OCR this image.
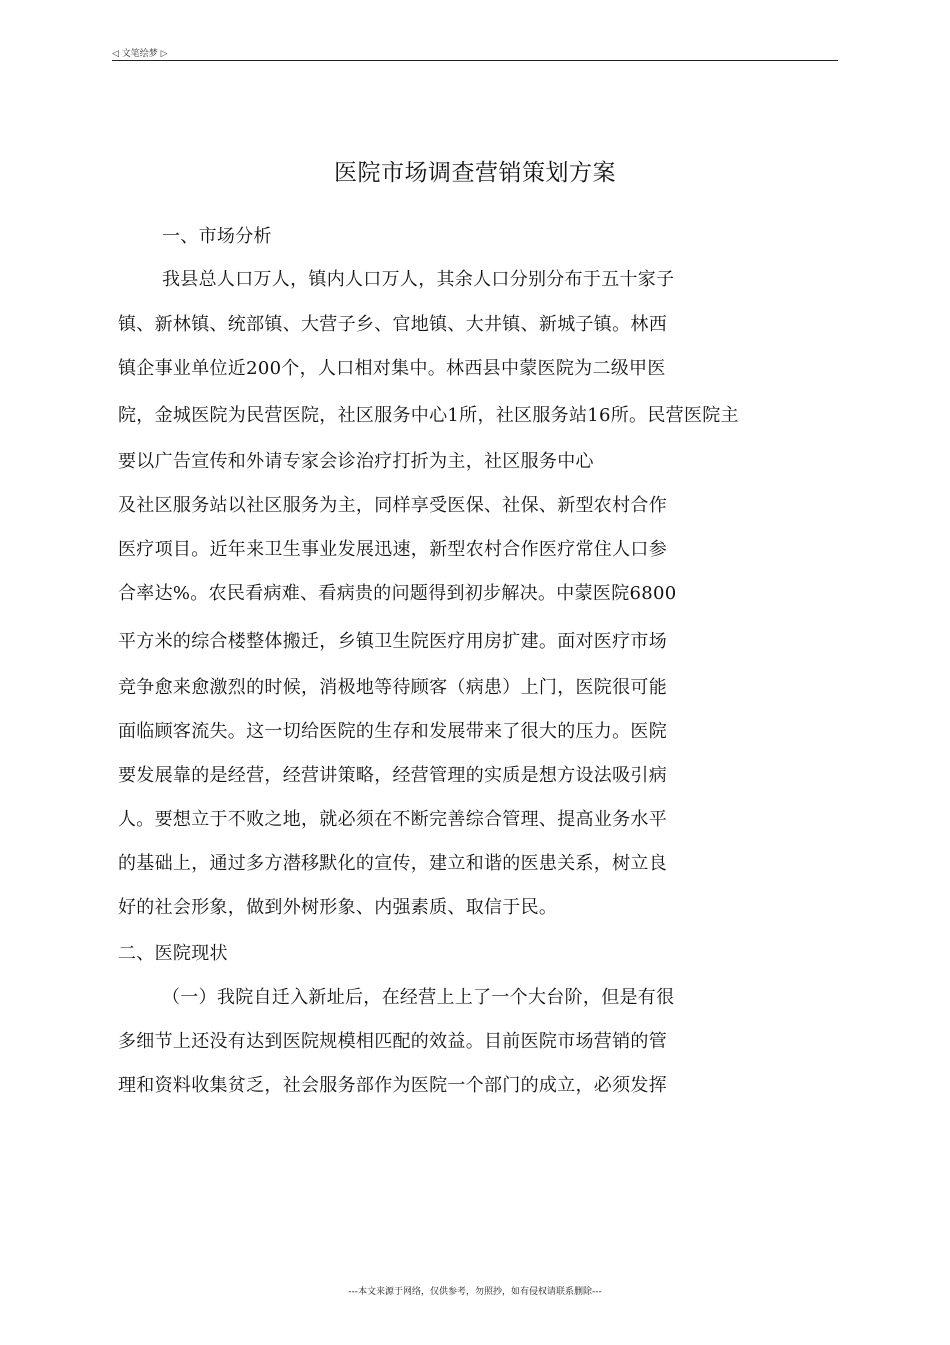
◁ 文笔绘梦 ▷
医院市场调查营销策划方案
一、市场分析
我县总人口万人，镇内人口万人，其余人口分别分布于五十家子
镇、新林镇、统部镇、大营子乡、官地镇、大井镇、新城子镇。林西
镇企事业单位近200个，人口相对集中。林西县中蒙医院为二级甲医
院，金城医院为民营医院，社区服务中心1所，社区服务站16所。民营医院主
要以广告宣传和外请专家会诊治疗打折为主，社区服务中心
及社区服务站以社区服务为主，同样享受医保、社保、新型农村合作
医疗项目。近年来卫生事业发展迅速，新型农村合作医疗常住人口参
合率达%。农民看病难、看病贵的问题得到初步解决。中蒙医院6800
平方米的综合楼整体搬迁，乡镇卫生院医疗用房扩建。面对医疗市场
竞争愈来愈激烈的时候，消极地等待顾客（病患）上门，医院很可能
面临顾客流失。这一切给医院的生存和发展带来了很大的压力。医院
要发展靠的是经营，经营讲策略，经营管理的实质是想方设法吸引病
人。要想立于不败之地，就必须在不断完善综合管理、提高业务水平
的基础上，通过多方潜移默化的宣传，建立和谐的医患关系，树立良
好的社会形象，做到外树形象、内强素质、取信于民。
二、医院现状
（一）我院自迁入新址后，在经营上上了一个大台阶，但是有很
多细节上还没有达到医院规模相匹配的效益。目前医院市场营销的管
理和资料收集贫乏，社会服务部作为医院一个部门的成立，必须发挥
---本文来源于网络，仅供参考，勿照抄，如有侵权请联系删除---
